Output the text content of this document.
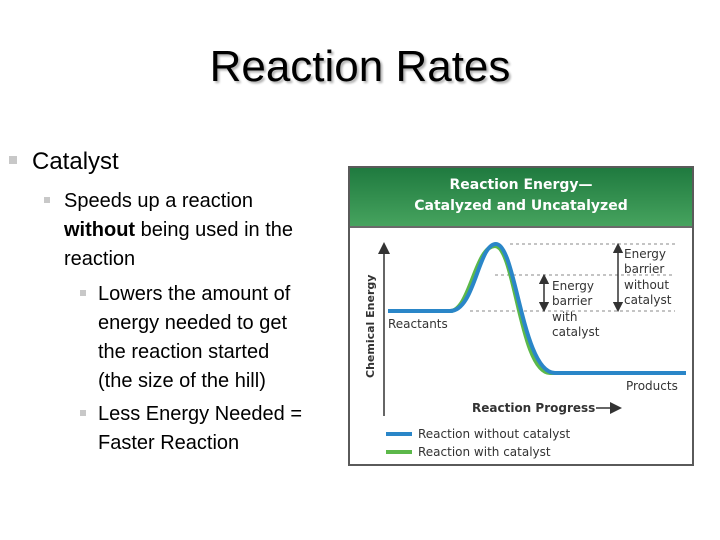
Reaction Rates
Catalyst
Speeds up a reaction
without being used in the
reaction
Lowers the amount of
energy needed to get
the reaction started
(the size of the hill)
Less Energy Needed =
Faster Reaction
Reaction Energy—
Catalyzed and Uncatalyzed
Chemical Energy Reactants
Products
Energy
barrier
with
catalyst
Energy
barrier
without
catalyst
Reaction Progress
Reaction without catalyst
Reaction with catalyst
